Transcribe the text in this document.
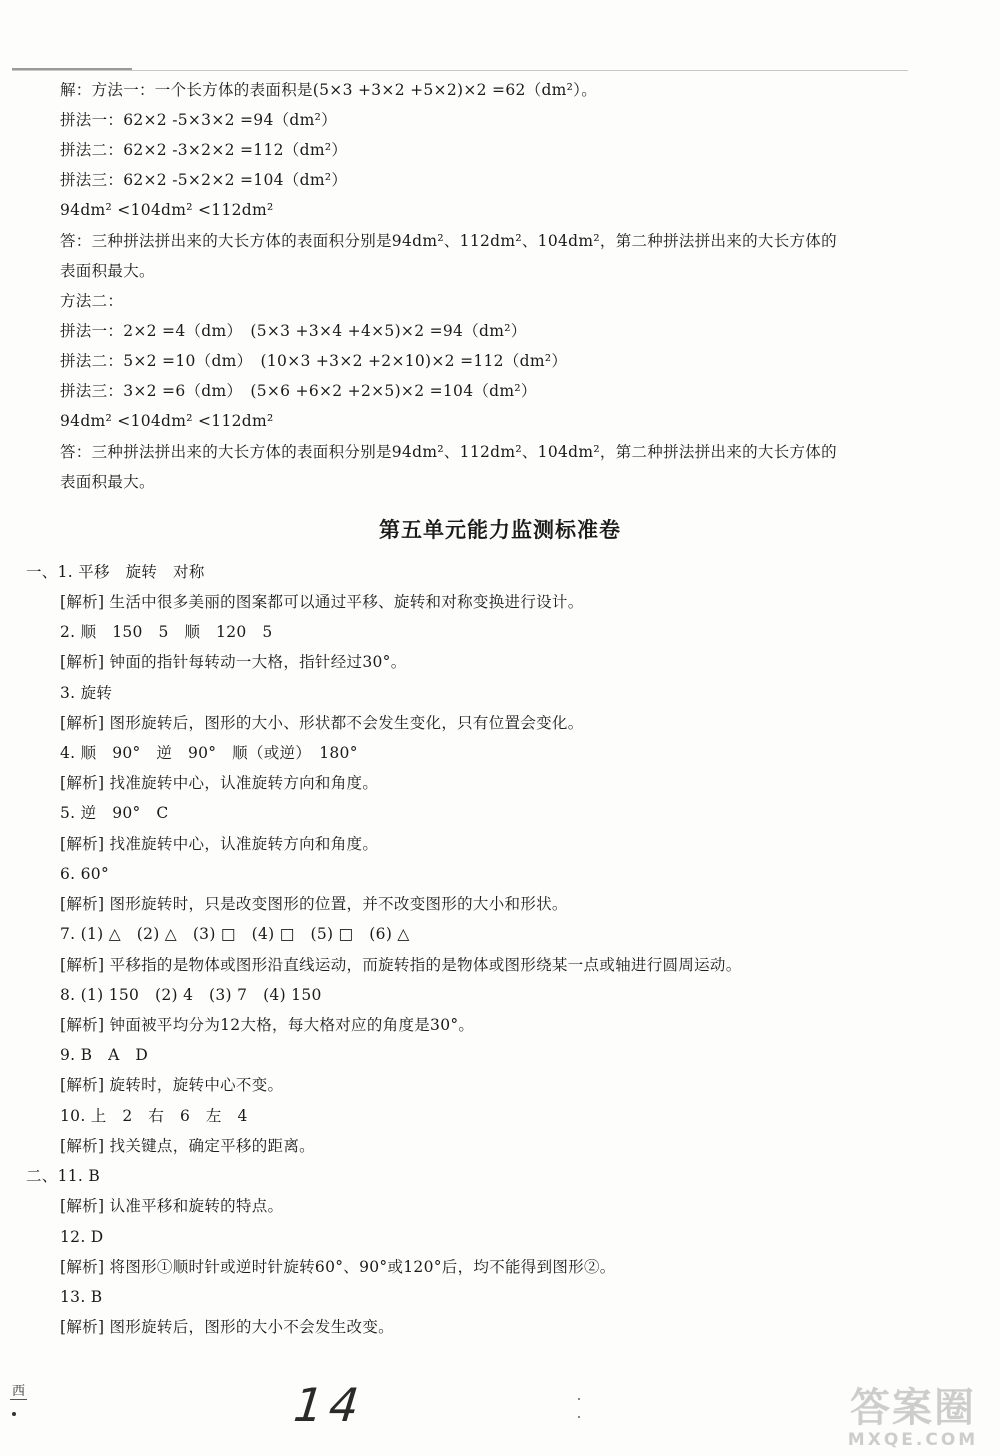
解：方法一：一个长方体的表面积是(5×3 +3×2 +5×2)×2 =62（dm²）。
拼法一：62×2 -5×3×2 =94（dm²）
拼法二：62×2 -3×2×2 =112（dm²）
拼法三：62×2 -5×2×2 =104（dm²）
94dm² <104dm² <112dm²
答：三种拼法拼出来的大长方体的表面积分别是94dm²、112dm²、104dm²，第二种拼法拼出来的大长方体的
表面积最大。
方法二：
拼法一：2×2 =4（dm）　(5×3 +3×4 +4×5)×2 =94（dm²）
拼法二：5×2 =10（dm）　(10×3 +3×2 +2×10)×2 =112（dm²）
拼法三：3×2 =6（dm）　(5×6 +6×2 +2×5)×2 =104（dm²）
94dm² <104dm² <112dm²
答：三种拼法拼出来的大长方体的表面积分别是94dm²、112dm²、104dm²，第二种拼法拼出来的大长方体的
表面积最大。
第五单元能力监测标准卷
一、1. 平移　旋转　对称
[解析] 生活中很多美丽的图案都可以通过平移、旋转和对称变换进行设计。
2. 顺　150　5　顺　120　5
[解析] 钟面的指针每转动一大格，指针经过30°。
3. 旋转
[解析] 图形旋转后，图形的大小、形状都不会发生变化，只有位置会变化。
4. 顺　90°　逆　90°　顺（或逆）　180°
[解析] 找准旋转中心，认准旋转方向和角度。
5. 逆　90°　C
[解析] 找准旋转中心，认准旋转方向和角度。
6. 60°
[解析] 图形旋转时，只是改变图形的位置，并不改变图形的大小和形状。
7. (1) △　(2) △　(3) □　(4) □　(5) □　(6) △
[解析] 平移指的是物体或图形沿直线运动，而旋转指的是物体或图形绕某一点或轴进行圆周运动。
8. (1) 150　(2) 4　(3) 7　(4) 150
[解析] 钟面被平均分为12大格，每大格对应的角度是30°。
9. B　A　D
[解析] 旋转时，旋转中心不变。
10. 上　2　右　6　左　4
[解析] 找关键点，确定平移的距离。
二、11. B
[解析] 认准平移和旋转的特点。
12. D
[解析] 将图形①顺时针或逆时针旋转60°、90°或120°后，均不能得到图形②。
13. B
[解析] 图形旋转后，图形的大小不会发生改变。
西	14	答案圈
MXQE.COM
